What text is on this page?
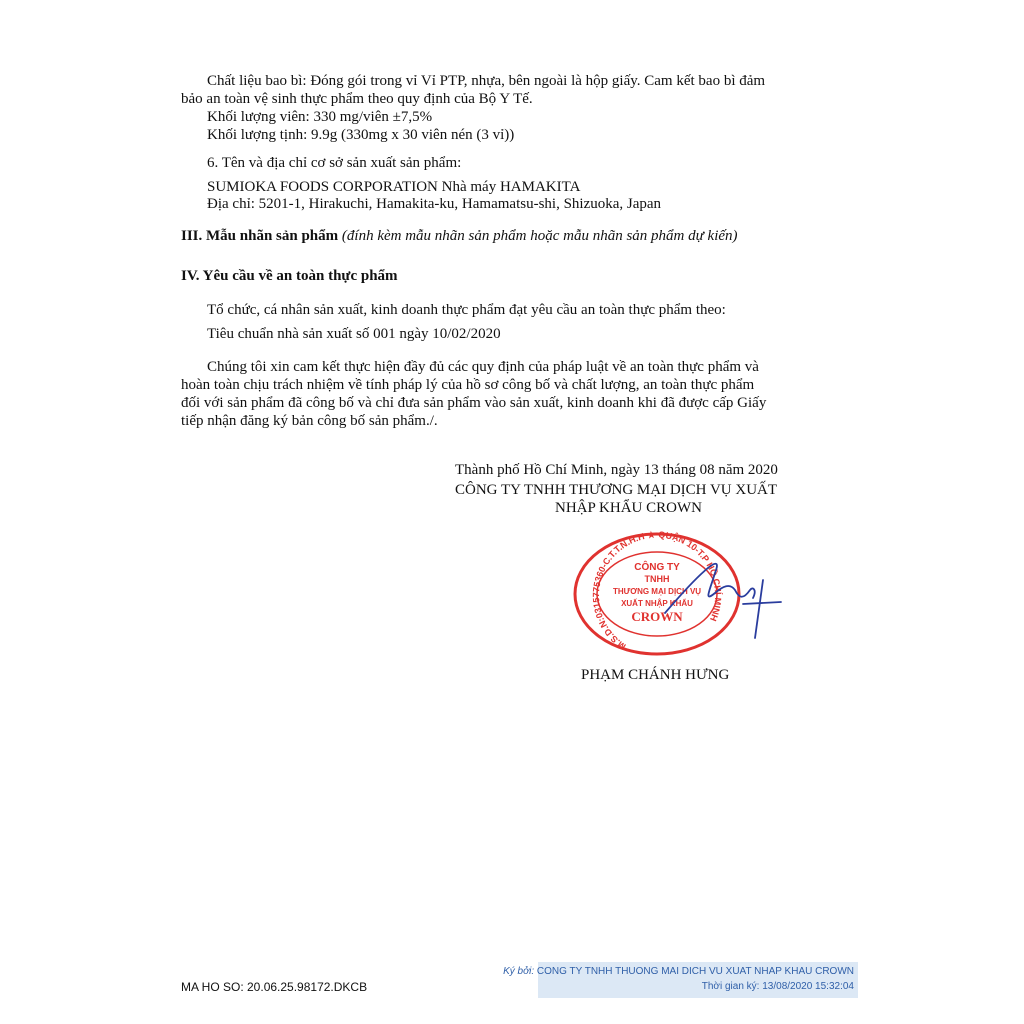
Chất liệu bao bì: Đóng gói trong vỉ Vỉ PTP, nhựa, bên ngoài là hộp giấy. Cam kết bao bì đảm
bảo an toàn vệ sinh thực phẩm theo quy định của Bộ Y Tế.
Khối lượng viên: 330 mg/viên ±7,5%
Khối lượng tịnh: 9.9g (330mg x 30 viên nén (3 vỉ))
6. Tên và địa chỉ cơ sở sản xuất sản phẩm:
SUMIOKA FOODS CORPORATION Nhà máy HAMAKITA
Địa chỉ: 5201-1, Hirakuchi, Hamakita-ku, Hamamatsu-shi, Shizuoka, Japan
III. Mẫu nhãn sản phẩm (đính kèm mẫu nhãn sản phẩm hoặc mẫu nhãn sản phẩm dự kiến)
IV. Yêu cầu về an toàn thực phẩm
Tổ chức, cá nhân sản xuất, kinh doanh thực phẩm đạt yêu cầu an toàn thực phẩm theo:
Tiêu chuẩn nhà sản xuất số 001 ngày 10/02/2020
Chúng tôi xin cam kết thực hiện đầy đủ các quy định của pháp luật về an toàn thực phẩm và
hoàn toàn chịu trách nhiệm về tính pháp lý của hồ sơ công bố và chất lượng, an toàn thực phẩm
đối với sản phẩm đã công bố và chỉ đưa sản phẩm vào sản xuất, kinh doanh khi đã được cấp Giấy
tiếp nhận đăng ký bản công bố sản phẩm./.
Thành phố Hồ Chí Minh, ngày 13 tháng 08 năm 2020
CÔNG TY TNHH THƯƠNG MẠI DỊCH VỤ XUẤT
NHẬP KHẨU CROWN
M.S.D.N:0315775360-C.T.T.N.H.H ★ QUẬN 10-T.P HỒ CHÍ MINH
CÔNG TY
TNHH
THƯƠNG MẠI DỊCH VỤ
XUẤT NHẬP KHẨU
CROWN
PHẠM CHÁNH HƯNG
Ký bởi: CONG TY TNHH THUONG MAI DICH VU XUAT NHAP KHAU CROWN
Thời gian ký: 13/08/2020 15:32:04
MA HO SO: 20.06.25.98172.DKCB
